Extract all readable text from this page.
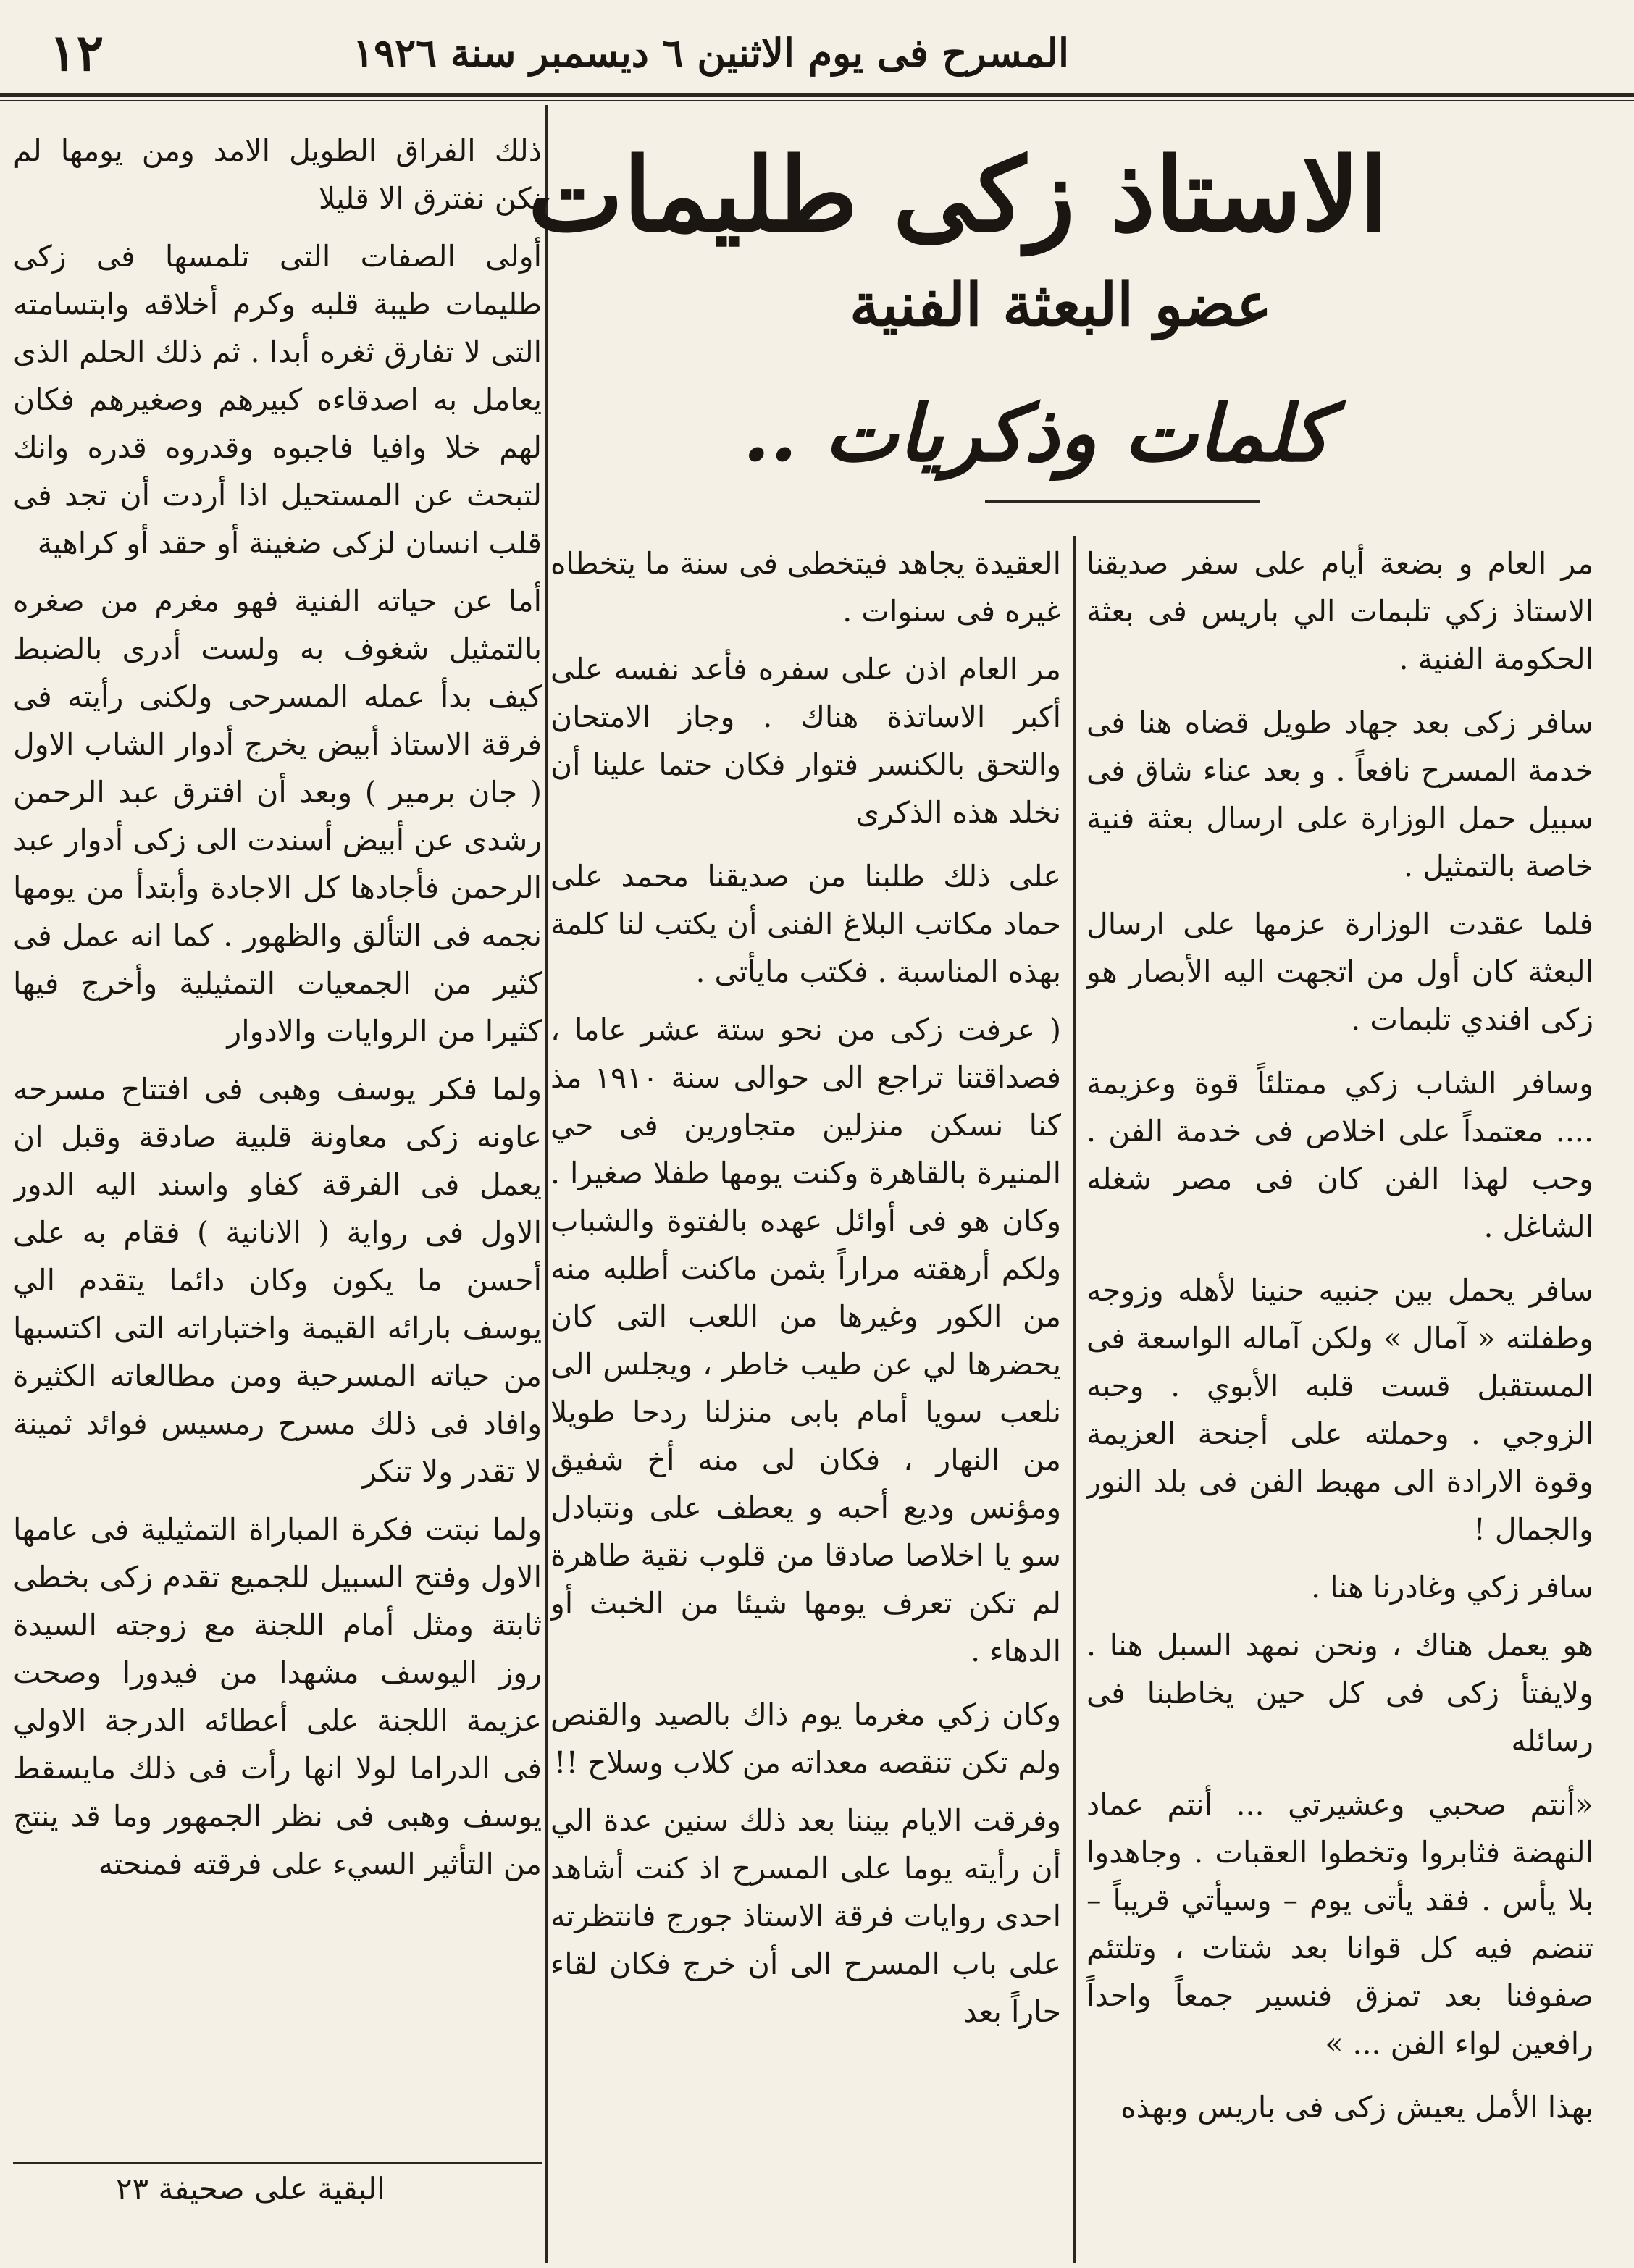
١٢	المسرح فى يوم الاثنين ٦ ديسمبر سنة ١٩٢٦
الاستاذ زكى طليمات
عضو البعثة الفنية
كلمات وذكريات ..

مر العام و بضعة أيام على سفر صديقنا الاستاذ زكي تلبمات الي باريس فى بعثة الحكومة الفنية .

سافر زكى بعد جهاد طويل قضاه هنا فى خدمة المسرح نافعاً . و بعد عناء شاق فى سبيل حمل الوزارة على ارسال بعثة فنية خاصة بالتمثيل .

فلما عقدت الوزارة عزمها على ارسال البعثة كان أول من اتجهت اليه الأبصار هو زكى افندي تلبمات .

وسافر الشاب زكي ممتلئاً قوة وعزيمة .... معتمداً على اخلاص فى خدمة الفن . وحب لهذا الفن كان فى مصر شغله الشاغل .

سافر يحمل بين جنبيه حنينا لأهله وزوجه وطفلته « آمال » ولكن آماله الواسعة فى المستقبل قست قلبه الأبوي . وحبه الزوجي . وحملته على أجنحة العزيمة وقوة الارادة الى مهبط الفن فى بلد النور والجمال !

سافر زكي وغادرنا هنا .

هو يعمل هناك ، ونحن نمهد السبل هنا . ولايفتأ زكى فى كل حين يخاطبنا فى رسائله

«أنتم صحبي وعشيرتي ... أنتم عماد النهضة فثابروا وتخطوا العقبات . وجاهدوا بلا يأس . فقد يأتى يوم – وسيأتي قريباً – تنضم فيه كل قوانا بعد شتات ، وتلتئم صفوفنا بعد تمزق فنسير جمعاً واحداً رافعين لواء الفن ... »

بهذا الأمل يعيش زكى فى باريس وبهذه

العقيدة يجاهد فيتخطى فى سنة ما يتخطاه غيره فى سنوات .

مر العام اذن على سفره فأعد نفسه على أكبر الاساتذة هناك . وجاز الامتحان والتحق بالكنسر فتوار فكان حتما علينا أن نخلد هذه الذكرى

على ذلك طلبنا من صديقنا محمد على حماد مكاتب البلاغ الفنى أن يكتب لنا كلمة بهذه المناسبة . فكتب مايأتى .

( عرفت زكى من نحو ستة عشر عاما ، فصداقتنا تراجع الى حوالى سنة ١٩١٠ مذ كنا نسكن منزلين متجاورين فى حي المنيرة بالقاهرة وكنت يومها طفلا صغيرا . وكان هو فى أوائل عهده بالفتوة والشباب ولكم أرهقته مراراً بثمن ماكنت أطلبه منه من الكور وغيرها من اللعب التى كان يحضرها لي عن طيب خاطر ، ويجلس الى نلعب سويا أمام بابى منزلنا ردحا طويلا من النهار ، فكان لى منه أخ شفيق ومؤنس وديع أحبه و يعطف على ونتبادل سو يا اخلاصا صادقا من قلوب نقية طاهرة لم تكن تعرف يومها شيئا من الخبث أو الدهاء .

وكان زكي مغرما يوم ذاك بالصيد والقنص ولم تكن تنقصه معداته من كلاب وسلاح !!

وفرقت الايام بيننا بعد ذلك سنين عدة الي أن رأيته يوما على المسرح اذ كنت أشاهد احدى روايات فرقة الاستاذ جورج فانتظرته على باب المسرح الى أن خرج فكان لقاء حاراً بعد

ذلك الفراق الطويل الامد ومن يومها لم نكن نفترق الا قليلا

أولى الصفات التى تلمسها فى زكى طليمات طيبة قلبه وكرم أخلاقه وابتسامته التى لا تفارق ثغره أبدا . ثم ذلك الحلم الذى يعامل به اصدقاءه كبيرهم وصغيرهم فكان لهم خلا وافيا فاجبوه وقدروه قدره وانك لتبحث عن المستحيل اذا أردت أن تجد فى قلب انسان لزكى ضغينة أو حقد أو كراهية

أما عن حياته الفنية فهو مغرم من صغره بالتمثيل شغوف به ولست أدرى بالضبط كيف بدأ عمله المسرحى ولكنى رأيته فى فرقة الاستاذ أبيض يخرج أدوار الشاب الاول ( جان برمير ) وبعد أن افترق عبد الرحمن رشدى عن أبيض أسندت الى زكى أدوار عبد الرحمن فأجادها كل الاجادة وأبتدأ من يومها نجمه فى التألق والظهور . كما انه عمل فى كثير من الجمعيات التمثيلية وأخرج فيها كثيرا من الروايات والادوار

ولما فكر يوسف وهبى فى افتتاح مسرحه عاونه زكى معاونة قلبية صادقة وقبل ان يعمل فى الفرقة كفاو واسند اليه الدور الاول فى رواية ( الانانية ) فقام به على أحسن ما يكون وكان دائما يتقدم الي يوسف بارائه القيمة واختباراته التى اكتسبها من حياته المسرحية ومن مطالعاته الكثيرة وافاد فى ذلك مسرح رمسيس فوائد ثمينة لا تقدر ولا تنكر

ولما نبتت فكرة المباراة التمثيلية فى عامها الاول وفتح السبيل للجميع تقدم زكى بخطى ثابتة ومثل أمام اللجنة مع زوجته السيدة روز اليوسف مشهدا من فيدورا وصحت عزيمة اللجنة على أعطائه الدرجة الاولي فى الدراما لولا انها رأت فى ذلك مايسقط يوسف وهبى فى نظر الجمهور وما قد ينتج من التأثير السيء على فرقته فمنحته

البقية على صحيفة ٢٣
